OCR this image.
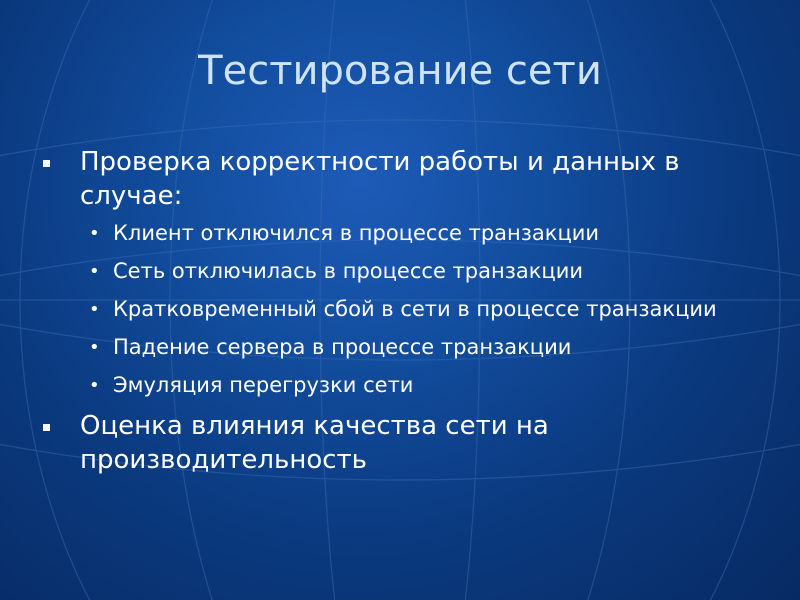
Тестирование сети
Проверка корректности работы и данных в случае:
• Клиент отключился в процессе транзакции
• Сеть отключилась в процессе транзакции
• Кратковременный сбой в сети в процессе транзакции
• Падение сервера в процессе транзакции
• Эмуляция перегрузки сети
Оценка влияния качества сети на производительность
